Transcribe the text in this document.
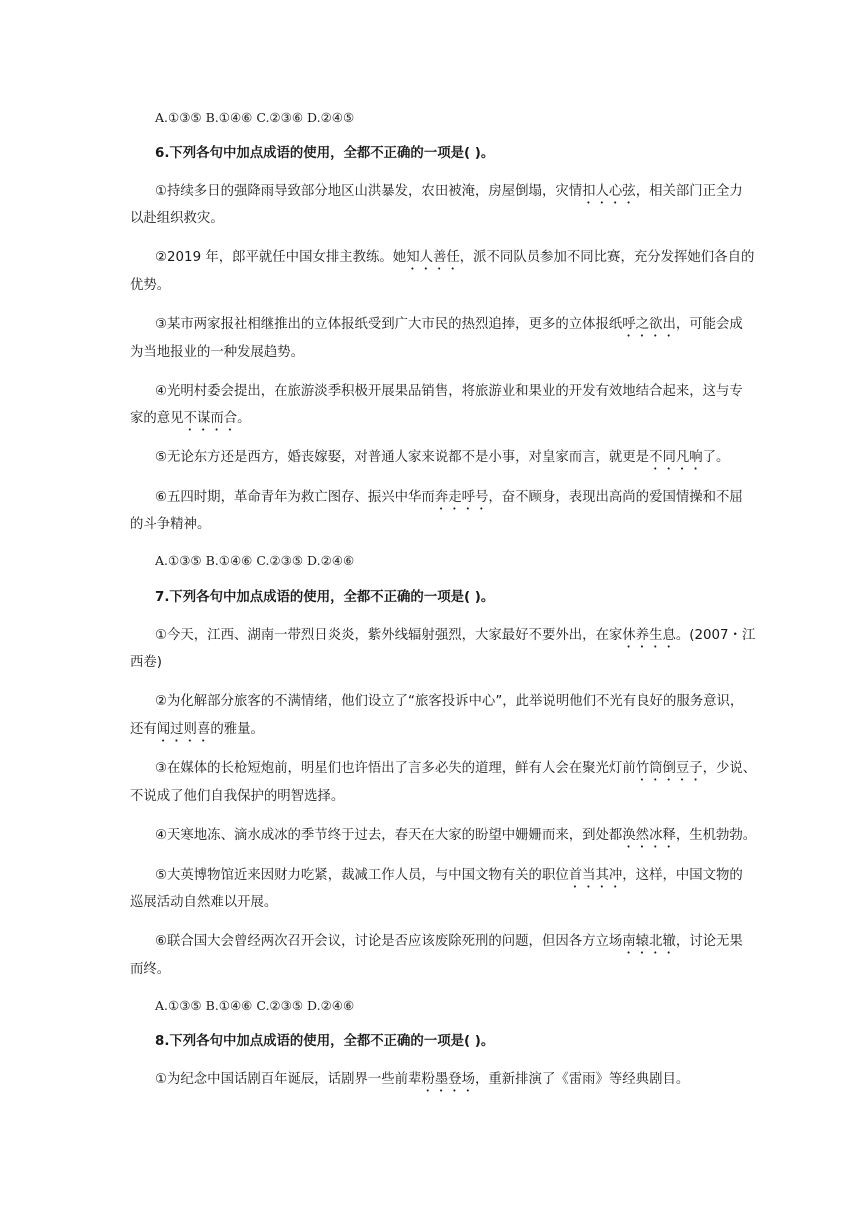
A.①③⑤ B.①④⑥ C.②③⑥ D.②④⑤
6.下列各句中加点成语的使用，全都不正确的一项是( )。
①持续多日的强降雨导致部分地区山洪暴发，农田被淹，房屋倒塌，灾情扣人心弦，相关部门正全力
以赴组织救灾。
②2019 年，郎平就任中国女排主教练。她知人善任，派不同队员参加不同比赛，充分发挥她们各自的
优势。
③某市两家报社相继推出的立体报纸受到广大市民的热烈追捧，更多的立体报纸呼之欲出，可能会成
为当地报业的一种发展趋势。
④光明村委会提出，在旅游淡季积极开展果品销售，将旅游业和果业的开发有效地结合起来，这与专
家的意见不谋而合。
⑤无论东方还是西方，婚丧嫁娶，对普通人家来说都不是小事，对皇家而言，就更是不同凡响了。
⑥五四时期，革命青年为救亡图存、振兴中华而奔走呼号，奋不顾身，表现出高尚的爱国情操和不屈
的斗争精神。
A.①③⑤ B.①④⑥ C.②③⑤ D.②④⑥
7.下列各句中加点成语的使用，全都不正确的一项是( )。
①今天，江西、湖南一带烈日炎炎，紫外线辐射强烈，大家最好不要外出，在家休养生息。(2007・江
西卷)
②为化解部分旅客的不满情绪，他们设立了“旅客投诉中心”，此举说明他们不光有良好的服务意识，
还有闻过则喜的雅量。
③在媒体的长枪短炮前，明星们也许悟出了言多必失的道理，鲜有人会在聚光灯前竹筒倒豆子，少说、
不说成了他们自我保护的明智选择。
④天寒地冻、滴水成冰的季节终于过去，春天在大家的盼望中姗姗而来，到处都涣然冰释，生机勃勃。
⑤大英博物馆近来因财力吃紧，裁减工作人员，与中国文物有关的职位首当其冲，这样，中国文物的
巡展活动自然难以开展。
⑥联合国大会曾经两次召开会议，讨论是否应该废除死刑的问题，但因各方立场南辕北辙，讨论无果
而终。
A.①③⑤ B.①④⑥ C.②③⑤ D.②④⑥
8.下列各句中加点成语的使用，全都不正确的一项是( )。
①为纪念中国话剧百年诞辰，话剧界一些前辈粉墨登场，重新排演了《雷雨》等经典剧目。
